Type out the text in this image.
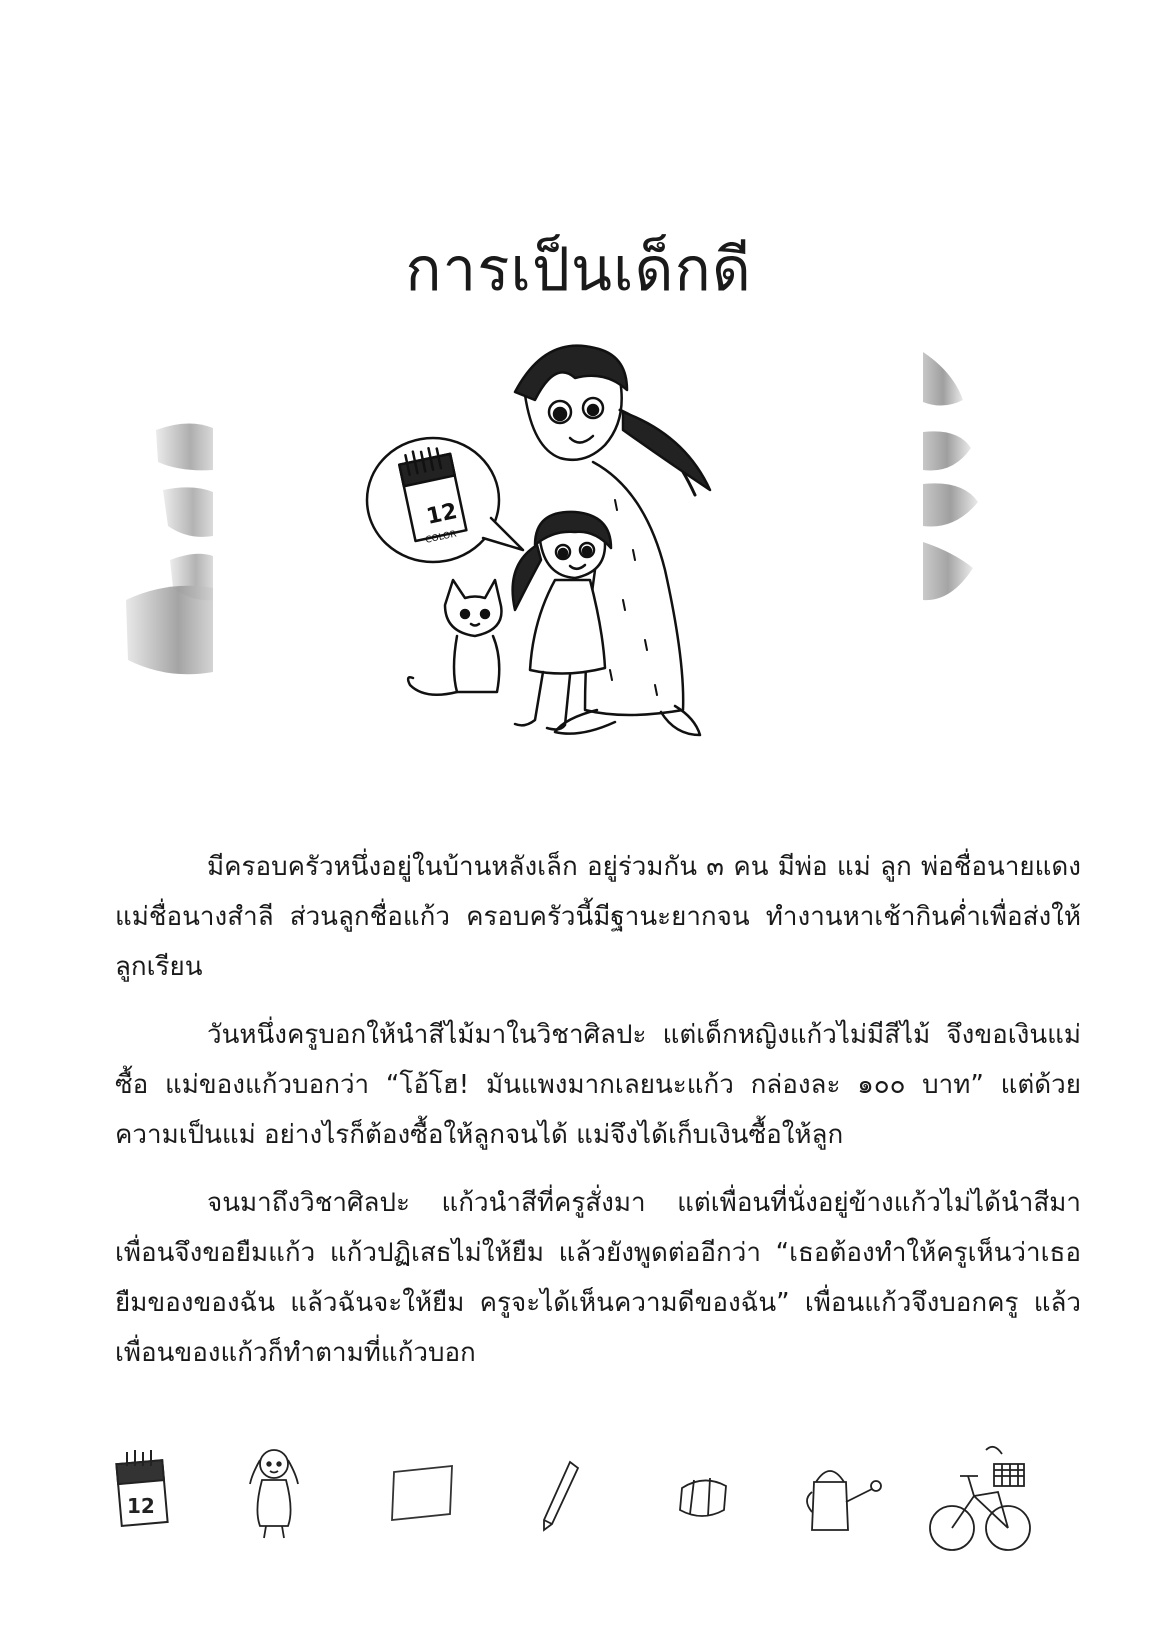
การเป็นเด็กดี
12
COLOR

มีครอบครัวหนึ่งอยู่ในบ้านหลังเล็ก อยู่ร่วมกัน ๓ คน มีพ่อ แม่ ลูก พ่อชื่อนายแดง แม่ชื่อนางสำลี ส่วนลูกชื่อแก้ว ครอบครัวนี้มีฐานะยากจน ทำงานหาเช้ากินค่ำเพื่อส่งให้ลูกเรียน

วันหนึ่งครูบอกให้นำสีไม้มาในวิชาศิลปะ แต่เด็กหญิงแก้วไม่มีสีไม้ จึงขอเงินแม่ซื้อ แม่ของแก้วบอกว่า “โอ้โฮ! มันแพงมากเลยนะแก้ว กล่องละ ๑๐๐ บาท” แต่ด้วยความเป็นแม่ อย่างไรก็ต้องซื้อให้ลูกจนได้ แม่จึงได้เก็บเงินซื้อให้ลูก

จนมาถึงวิชาศิลปะ แก้วนำสีที่ครูสั่งมา แต่เพื่อนที่นั่งอยู่ข้างแก้วไม่ได้นำสีมา เพื่อนจึงขอยืมแก้ว แก้วปฏิเสธไม่ให้ยืม แล้วยังพูดต่ออีกว่า “เธอต้องทำให้ครูเห็นว่าเธอยืมของของฉัน แล้วฉันจะให้ยืม ครูจะได้เห็นความดีของฉัน” เพื่อนแก้วจึงบอกครู แล้วเพื่อนของแก้วก็ทำตามที่แก้วบอก

12
